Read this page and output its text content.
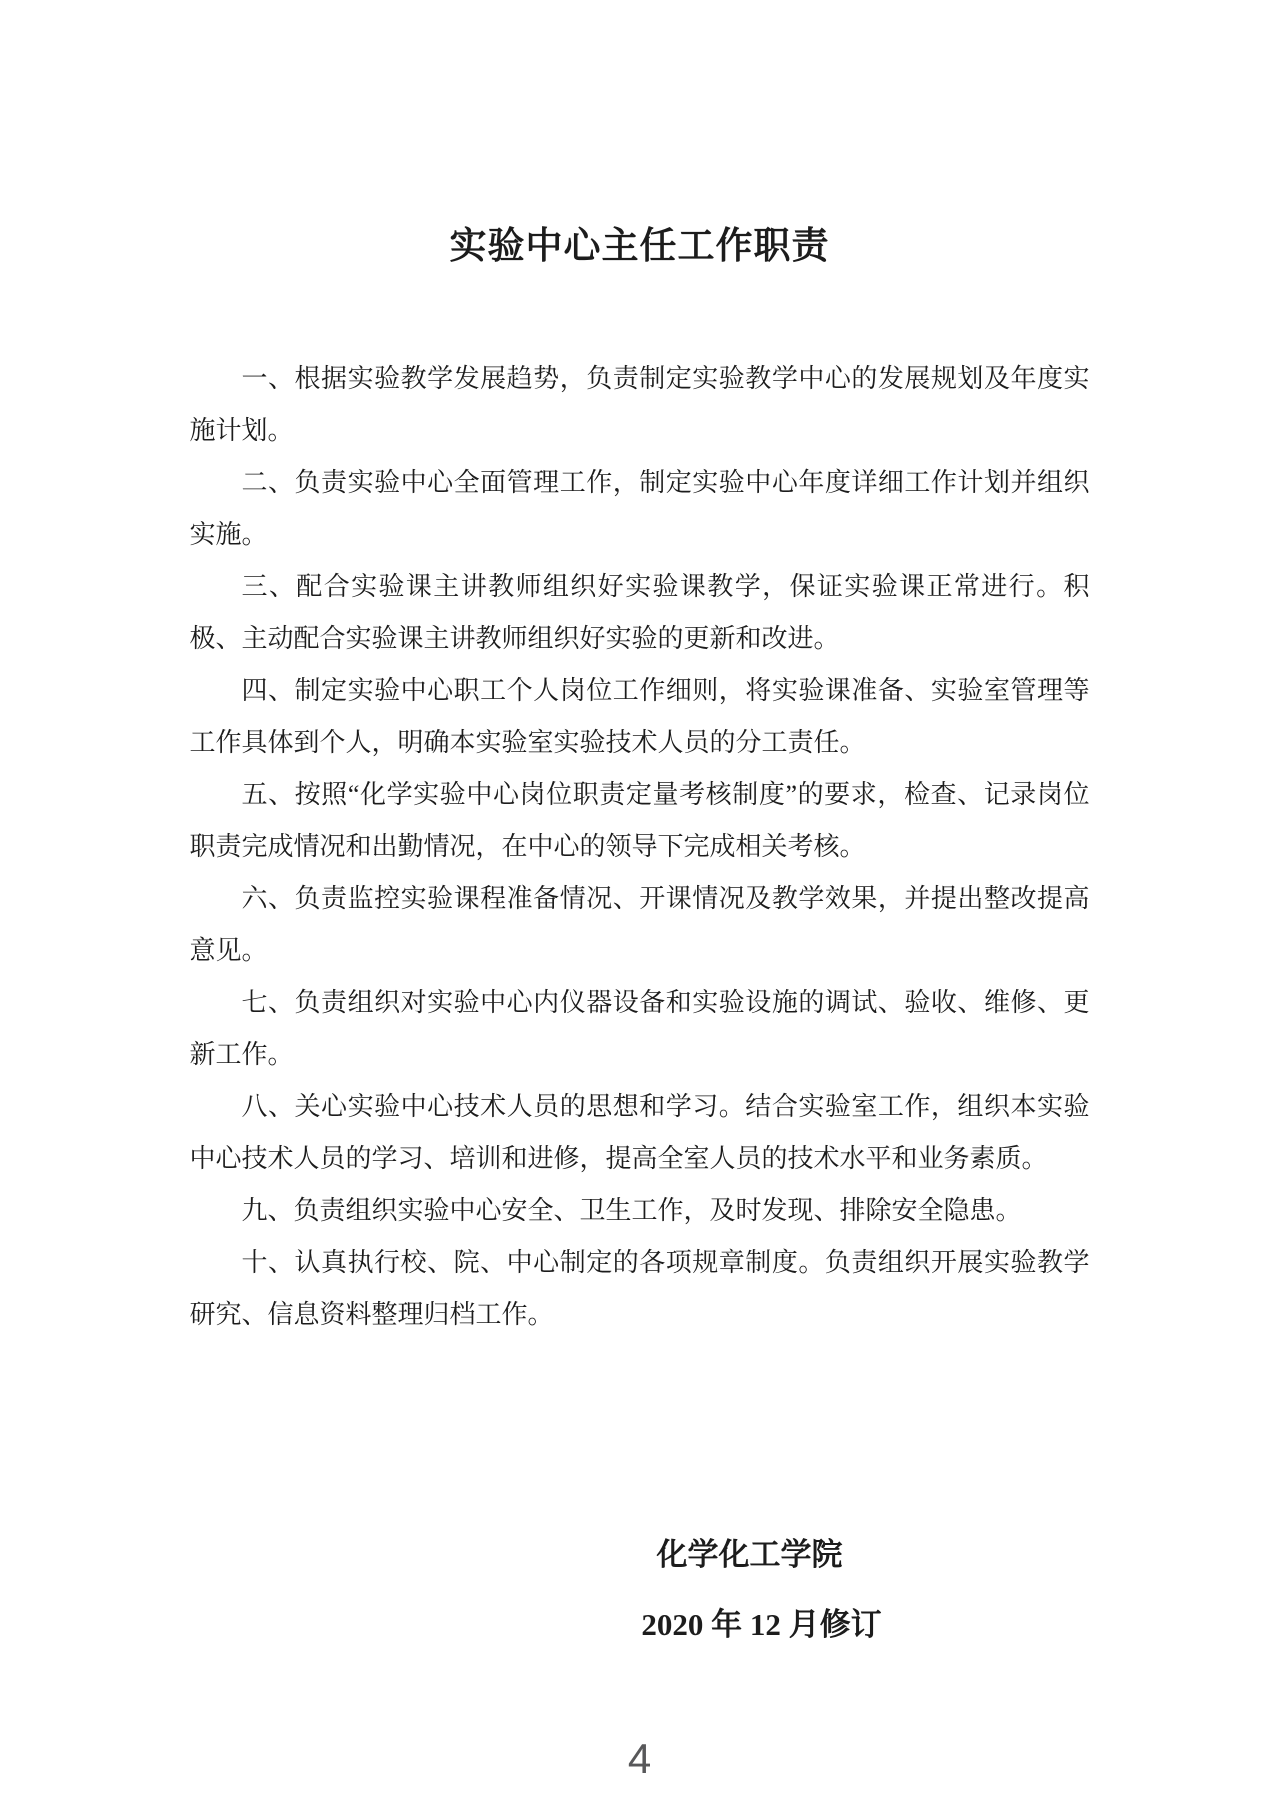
实验中心主任工作职责

一、根据实验教学发展趋势，负责制定实验教学中心的发展规划及年度实施计划。

二、负责实验中心全面管理工作，制定实验中心年度详细工作计划并组织实施。

三、配合实验课主讲教师组织好实验课教学，保证实验课正常进行。积极、主动配合实验课主讲教师组织好实验的更新和改进。

四、制定实验中心职工个人岗位工作细则，将实验课准备、实验室管理等工作具体到个人，明确本实验室实验技术人员的分工责任。

五、按照“化学实验中心岗位职责定量考核制度”的要求，检查、记录岗位职责完成情况和出勤情况，在中心的领导下完成相关考核。

六、负责监控实验课程准备情况、开课情况及教学效果，并提出整改提高意见。

七、负责组织对实验中心内仪器设备和实验设施的调试、验收、维修、更新工作。

八、关心实验中心技术人员的思想和学习。结合实验室工作，组织本实验中心技术人员的学习、培训和进修，提高全室人员的技术水平和业务素质。

九、负责组织实验中心安全、卫生工作，及时发现、排除安全隐患。

十、认真执行校、院、中心制定的各项规章制度。负责组织开展实验教学研究、信息资料整理归档工作。

化学化工学院
2020 年 12 月修订
4
